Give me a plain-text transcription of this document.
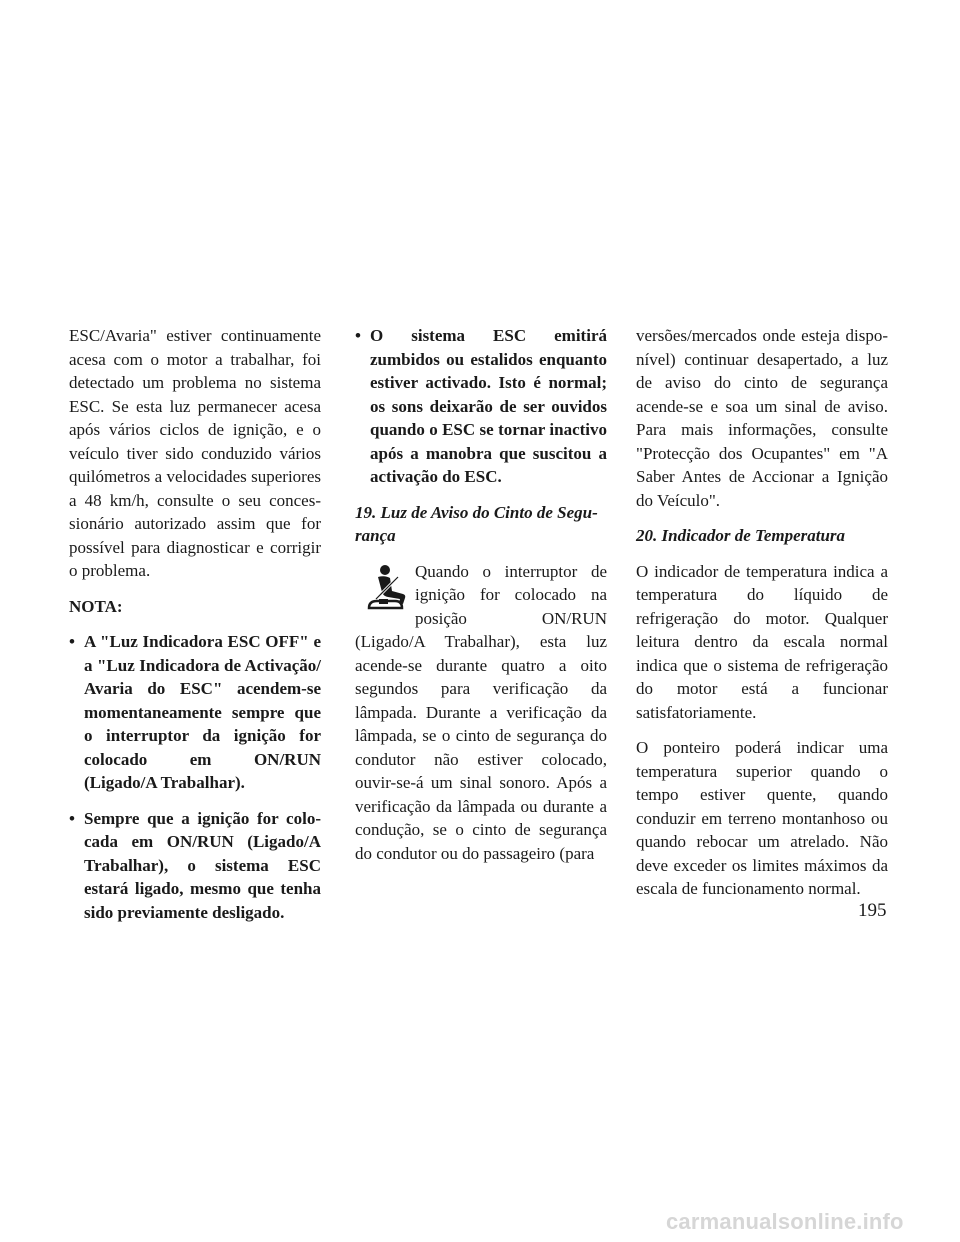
ESC/Avaria" estiver continuamente acesa com o motor a trabalhar, foi detectado um problema no sistema ESC. Se esta luz permanecer acesa após vários ciclos de ignição, e o veículo tiver sido conduzido vários quilómetros a velocidades superiores a 48 km/h, consulte o seu concessionário autorizado assim que for possível para diagnosticar e corrigir o problema.

NOTA:
• A "Luz Indicadora ESC OFF" e a "Luz Indicadora de Activação/ Avaria do ESC" acendem-se momentaneamente sempre que o interruptor da ignição for colocado em ON/RUN (Ligado/A Trabalhar).
• Sempre que a ignição for colocada em ON/RUN (Ligado/A Trabalhar), o sistema ESC estará ligado, mesmo que tenha sido previamente desligado.
• O sistema ESC emitirá zumbidos ou estalidos enquanto estiver activado. Isto é normal; os sons deixarão de ser ouvidos quando o ESC se tornar inactivo após a manobra que suscitou a activação do ESC.
19. Luz de Aviso do Cinto de Segurança
Quando o interruptor de ignição for colocado na posição ON/RUN (Ligado/A Trabalhar), esta luz acende-se durante quatro a oito segundos para verificação da lâmpada. Durante a verificação da lâmpada, se o cinto de segurança do condutor não estiver colocado, ouvir-se-á um sinal sonoro. Após a verificação da lâmpada ou durante a condução, se o cinto de segurança do condutor ou do passageiro (para

versões/mercados onde esteja disponível) continuar desapertado, a luz de aviso do cinto de segurança acende-se e soa um sinal de aviso. Para mais informações, consulte "Protecção dos Ocupantes" em "A Saber Antes de Accionar a Ignição do Veículo".

20. Indicador de Temperatura

O indicador de temperatura indica a temperatura do líquido de refrigeração do motor. Qualquer leitura dentro da escala normal indica que o sistema de refrigeração do motor está a funcionar satisfatoriamente.

O ponteiro poderá indicar uma temperatura superior quando o tempo estiver quente, quando conduzir em terreno montanhoso ou quando rebocar um atrelado. Não deve exceder os limites máximos da escala de funcionamento normal.

195
carmanualsonline.info
